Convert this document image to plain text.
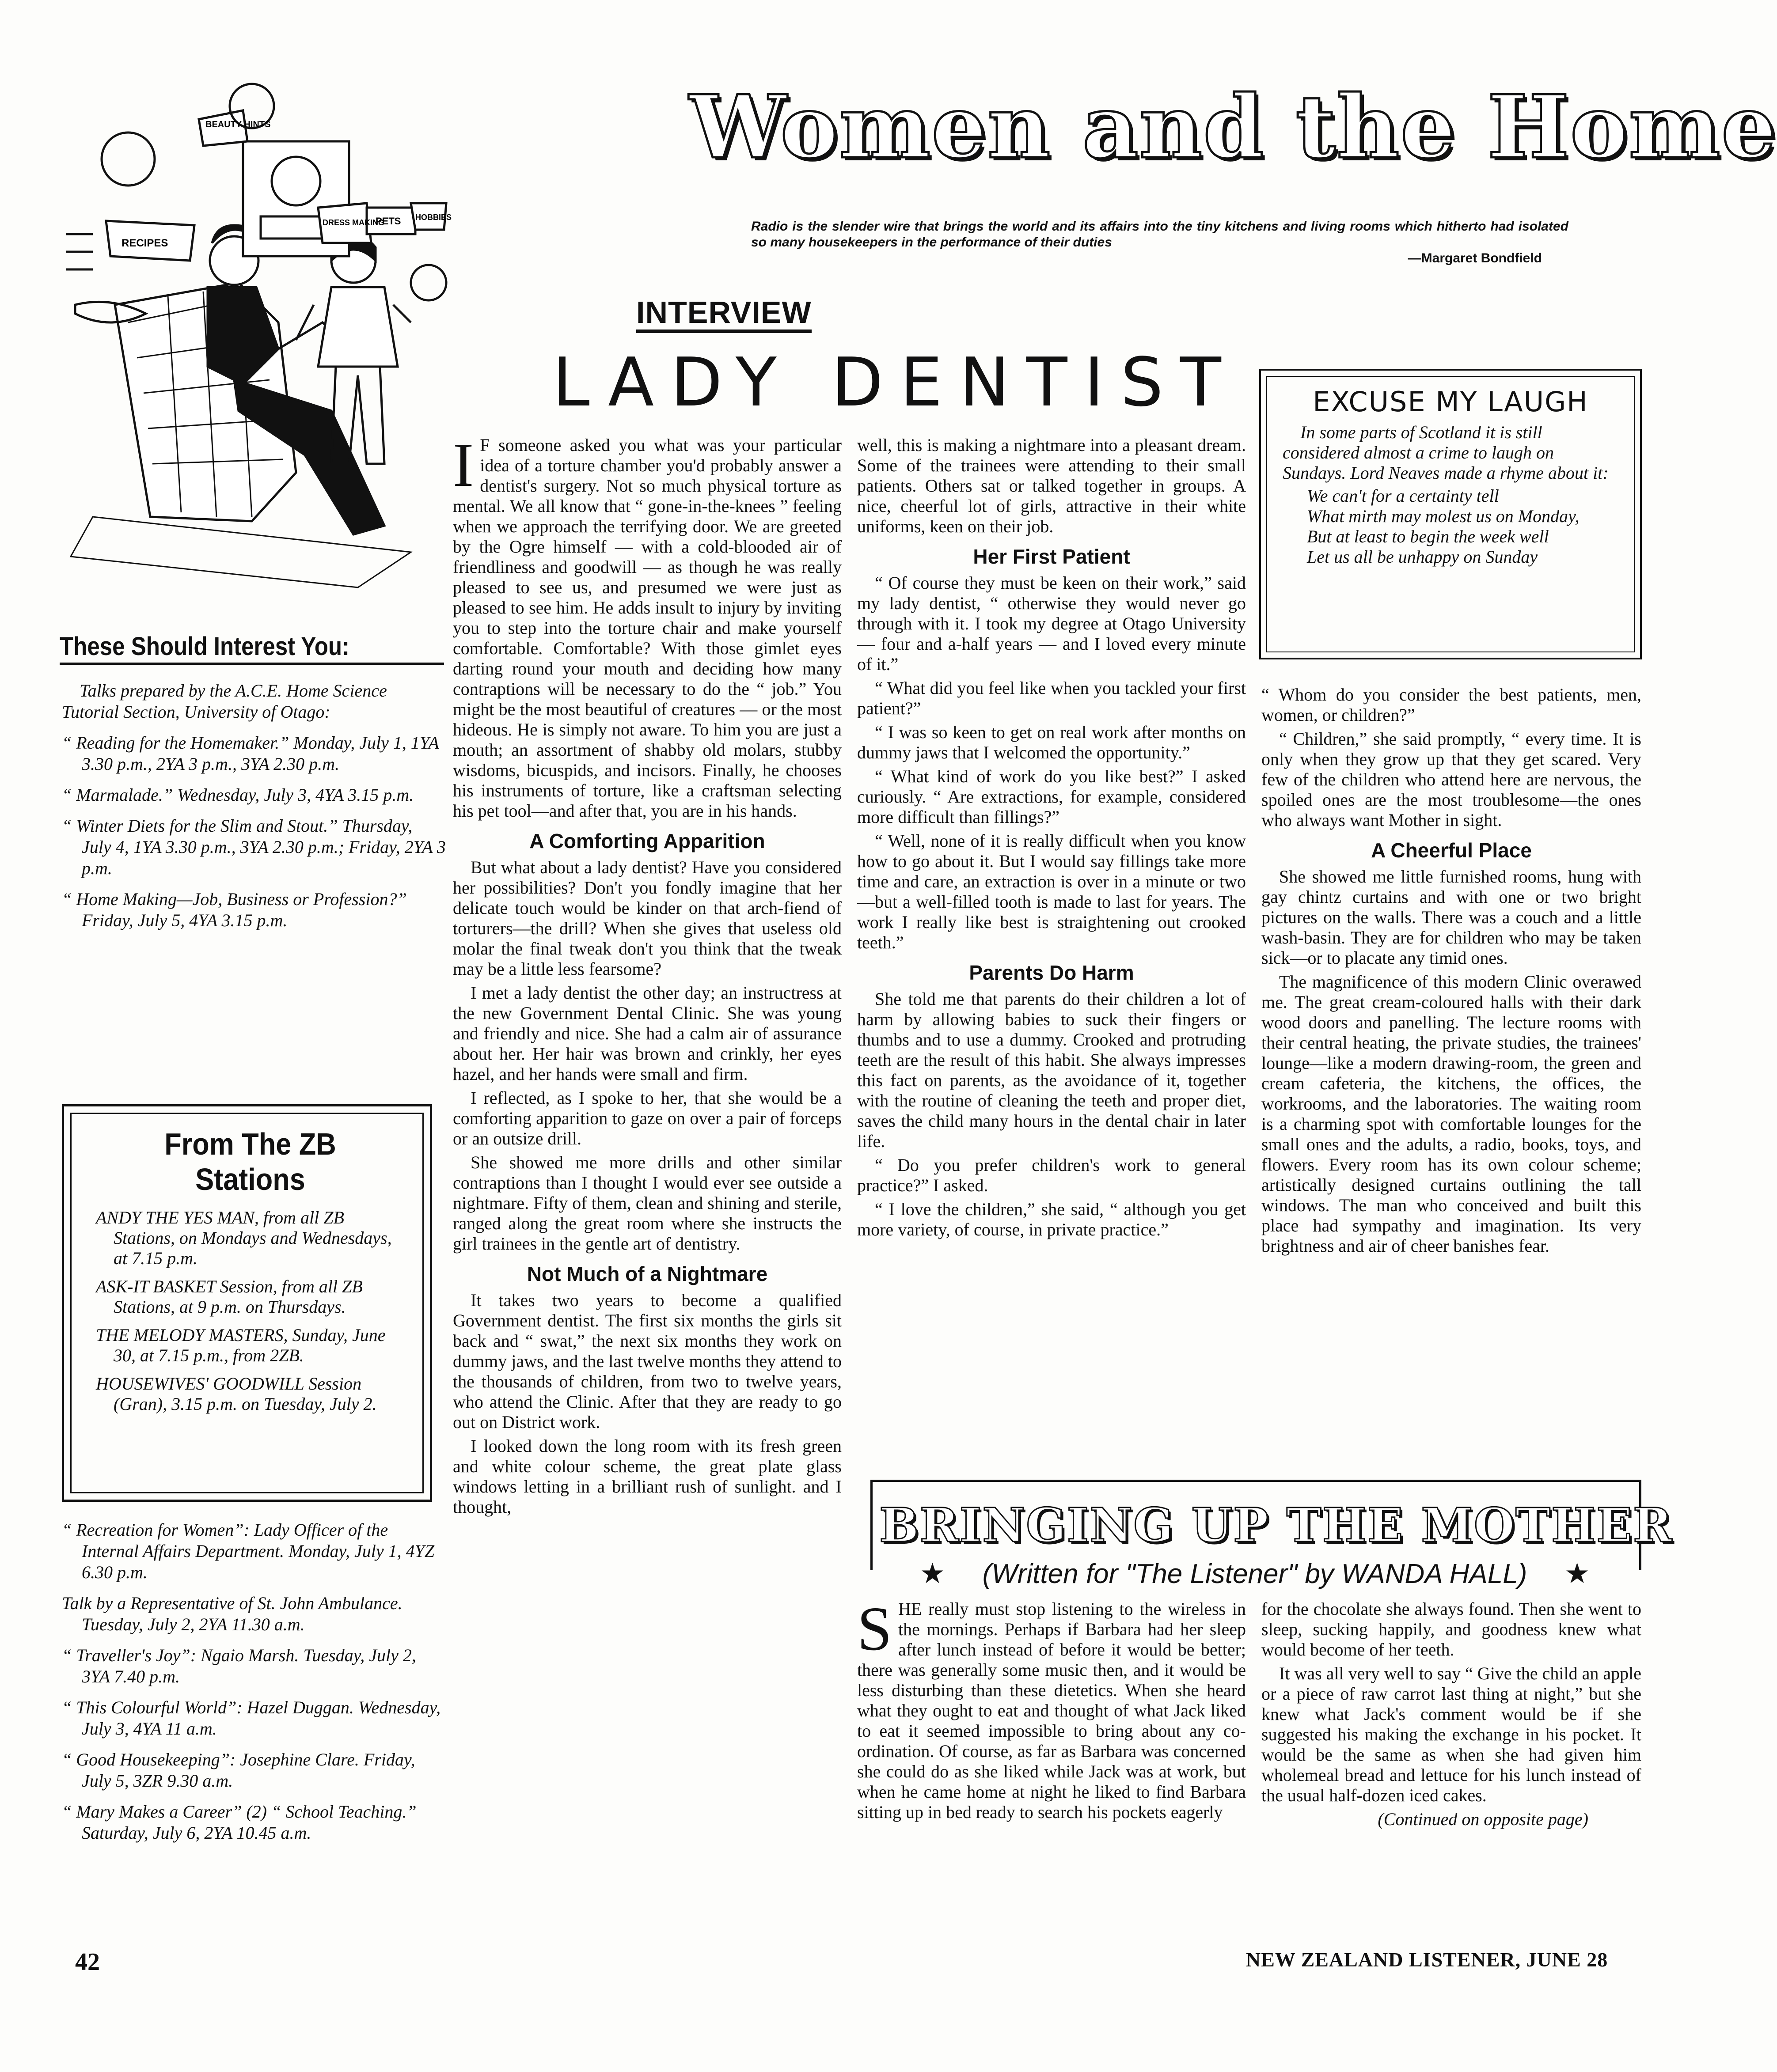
Women and the Home
Radio is the slender wire that brings the world and its affairs into the tiny kitchens and living rooms which hitherto had isolated so many housekeepers in the performance of their duties
—Margaret Bondfield
BEAUTY HINTS
RECIPES
DRESS MAKING
PETS HOBBIES
INTERVIEW
LADY DENTIST

I F someone asked you what was your particular idea of a torture chamber you'd probably answer a dentist's surgery. Not so much physical torture as mental. We all know that “ gone-in-the-knees ” feeling when we approach the terrifying door. We are greeted by the Ogre himself — with a cold-blooded air of friendliness and goodwill — as though he was really pleased to see us, and presumed we were just as pleased to see him. He adds insult to injury by inviting you to step into the torture chair and make yourself comfortable. Comfortable? With those gimlet eyes darting round your mouth and deciding how many contraptions will be necessary to do the “ job.” You might be the most beautiful of creatures — or the most hideous. He is simply not aware. To him you are just a mouth; an assortment of shabby old molars, stubby wisdoms, bicuspids, and incisors. Finally, he chooses his instruments of torture, like a craftsman selecting his pet tool—and after that, you are in his hands.

A Comforting Apparition

But what about a lady dentist? Have you considered her possibilities? Don't you fondly imagine that her delicate touch would be kinder on that arch-fiend of torturers—the drill? When she gives that useless old molar the final tweak don't you think that the tweak may be a little less fearsome?

I met a lady dentist the other day; an instructress at the new Government Dental Clinic. She was young and friendly and nice. She had a calm air of assurance about her. Her hair was brown and crinkly, her eyes hazel, and her hands were small and firm.

I reflected, as I spoke to her, that she would be a comforting apparition to gaze on over a pair of forceps or an outsize drill.

She showed me more drills and other similar contraptions than I thought I would ever see outside a nightmare. Fifty of them, clean and shining and sterile, ranged along the great room where she instructs the girl trainees in the gentle art of dentistry.

Not Much of a Nightmare

It takes two years to become a qualified Government dentist. The first six months the girls sit back and “ swat,” the next six months they work on dummy jaws, and the last twelve months they attend to the thousands of children, from two to twelve years, who attend the Clinic. After that they are ready to go out on District work.

I looked down the long room with its fresh green and white colour scheme, the great plate glass windows letting in a brilliant rush of sunlight. and I thought,

well, this is making a nightmare into a pleasant dream. Some of the trainees were attending to their small patients. Others sat or talked together in groups. A nice, cheerful lot of girls, attractive in their white uniforms, keen on their job.

Her First Patient

“ Of course they must be keen on their work,” said my lady dentist, “ otherwise they would never go through with it. I took my degree at Otago University— four and a-half years — and I loved every minute of it.”

“ What did you feel like when you tackled your first patient?”

“ I was so keen to get on real work after months on dummy jaws that I welcomed the opportunity.”

“ What kind of work do you like best?” I asked curiously. “ Are extractions, for example, considered more difficult than fillings?”

“ Well, none of it is really difficult when you know how to go about it. But I would say fillings take more time and care, an extraction is over in a minute or two—but a well-filled tooth is made to last for years. The work I really like best is straightening out crooked teeth.”

Parents Do Harm

She told me that parents do their children a lot of harm by allowing babies to suck their fingers or thumbs and to use a dummy. Crooked and protruding teeth are the result of this habit. She always impresses this fact on parents, as the avoidance of it, together with the routine of cleaning the teeth and proper diet, saves the child many hours in the dental chair in later life.

“ Do you prefer children's work to general practice?” I asked.

“ I love the children,” she said, “ although you get more variety, of course, in private practice.”

EXCUSE MY LAUGH
In some parts of Scotland it is still considered almost a crime to laugh on Sundays. Lord Neaves made a rhyme about it:
We can't for a certainty tell
What mirth may molest us on Monday,
But at least to begin the week well
Let us all be unhappy on Sunday

“ Whom do you consider the best patients, men, women, or children?”

“ Children,” she said promptly, “ every time. It is only when they grow up that they get scared. Very few of the children who attend here are nervous, the spoiled ones are the most troublesome—the ones who always want Mother in sight.

A Cheerful Place

She showed me little furnished rooms, hung with gay chintz curtains and with one or two bright pictures on the walls. There was a couch and a little wash-basin. They are for children who may be taken sick—or to placate any timid ones.

The magnificence of this modern Clinic overawed me. The great cream-coloured halls with their dark wood doors and panelling. The lecture rooms with their central heating, the private studies, the trainees' lounge—like a modern drawing-room, the green and cream cafeteria, the kitchens, the offices, the workrooms, and the laboratories. The waiting room is a charming spot with comfortable lounges for the small ones and the adults, a radio, books, toys, and flowers. Every room has its own colour scheme; artistically designed curtains outlining the tall windows. The man who conceived and built this place had sympathy and imagination. Its very brightness and air of cheer banishes fear.

These Should Interest You:

Talks prepared by the A.C.E. Home Science Tutorial Section, University of Otago:

“ Reading for the Homemaker.” Monday, July 1, 1YA 3.30 p.m., 2YA 3 p.m., 3YA 2.30 p.m.

“ Marmalade.” Wednesday, July 3, 4YA 3.15 p.m.

“ Winter Diets for the Slim and Stout.” Thursday, July 4, 1YA 3.30 p.m., 3YA 2.30 p.m.; Friday, 2YA 3 p.m.

“ Home Making—Job, Business or Profession?” Friday, July 5, 4YA 3.15 p.m.

From The ZB Stations
ANDY THE YES MAN, from all ZB Stations, on Mondays and Wednesdays, at 7.15 p.m.
ASK-IT BASKET Session, from all ZB Stations, at 9 p.m. on Thursdays.
THE MELODY MASTERS, Sunday, June 30, at 7.15 p.m., from 2ZB.
HOUSEWIVES' GOODWILL Session (Gran), 3.15 p.m. on Tuesday, July 2.

“ Recreation for Women”: Lady Officer of the Internal Affairs Department. Monday, July 1, 4YZ 6.30 p.m.

Talk by a Representative of St. John Ambulance. Tuesday, July 2, 2YA 11.30 a.m.

“ Traveller's Joy”: Ngaio Marsh. Tuesday, July 2, 3YA 7.40 p.m.

“ This Colourful World”: Hazel Duggan. Wednesday, July 3, 4YA 11 a.m.

“ Good Housekeeping”: Josephine Clare. Friday, July 5, 3ZR 9.30 a.m.

“ Mary Makes a Career” (2) “ School Teaching.” Saturday, July 6, 2YA 10.45 a.m.

BRINGING UP THE MOTHER
★ (Written for "The Listener" by WANDA HALL) ★

SHE really must stop listening to the wireless in the mornings. Perhaps if Barbara had her sleep after lunch instead of before it would be better; there was generally some music then, and it would be less disturbing than these dietetics. When she heard what they ought to eat and thought of what Jack liked to eat it seemed impossible to bring about any co-ordination. Of course, as far as Barbara was concerned she could do as she liked while Jack was at work, but when he came home at night he liked to find Barbara sitting up in bed ready to search his pockets eagerly

for the chocolate she always found. Then she went to sleep, sucking happily, and goodness knew what would become of her teeth.

It was all very well to say “ Give the child an apple or a piece of raw carrot last thing at night,” but she knew what Jack's comment would be if she suggested his making the exchange in his pocket. It would be the same as when she had given him wholemeal bread and lettuce for his lunch instead of the usual half-dozen iced cakes.

(Continued on opposite page)

42	NEW ZEALAND LISTENER, JUNE 28
